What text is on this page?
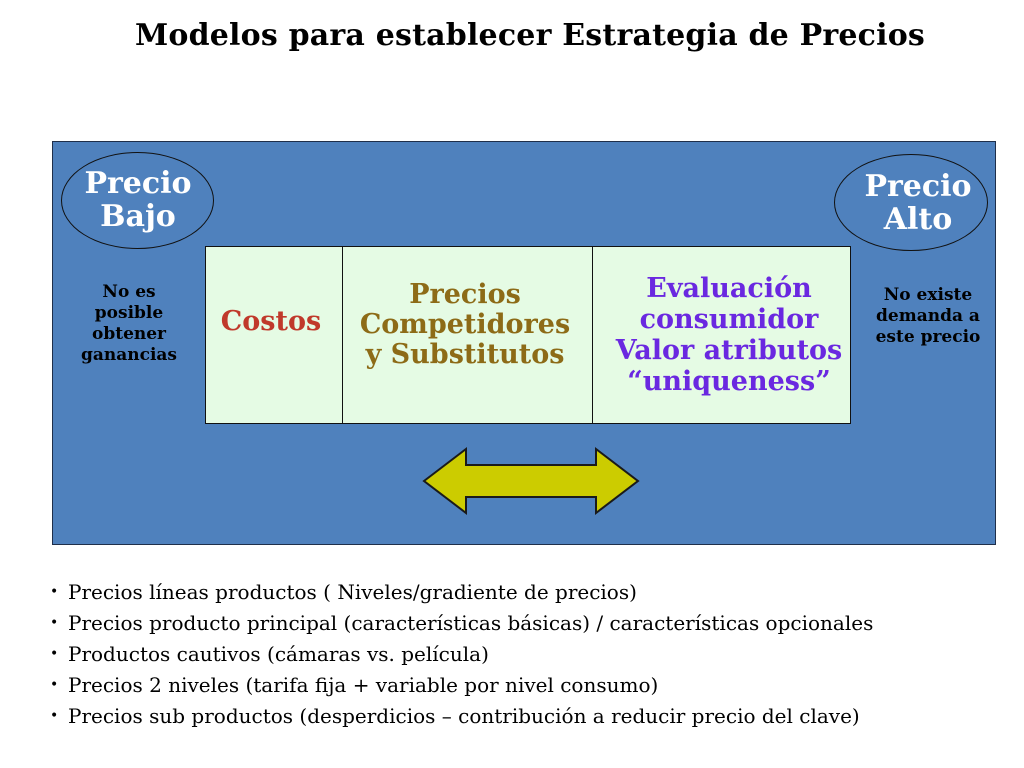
Modelos para establecer Estrategia de Precios
Precio
Bajo
Precio
Alto
No es
posible
obtener
ganancias
No existe
demanda a
este precio
Costos
Precios
Competidores
y Substitutos
Evaluación
consumidor
Valor atributos
“uniqueness”
• Precios líneas productos ( Niveles/gradiente de precios)
• Precios producto principal (características básicas) / características opcionales
• Productos cautivos (cámaras vs. película)
• Precios 2 niveles (tarifa fija + variable por nivel consumo)
• Precios sub productos (desperdicios – contribución a reducir precio del clave)
